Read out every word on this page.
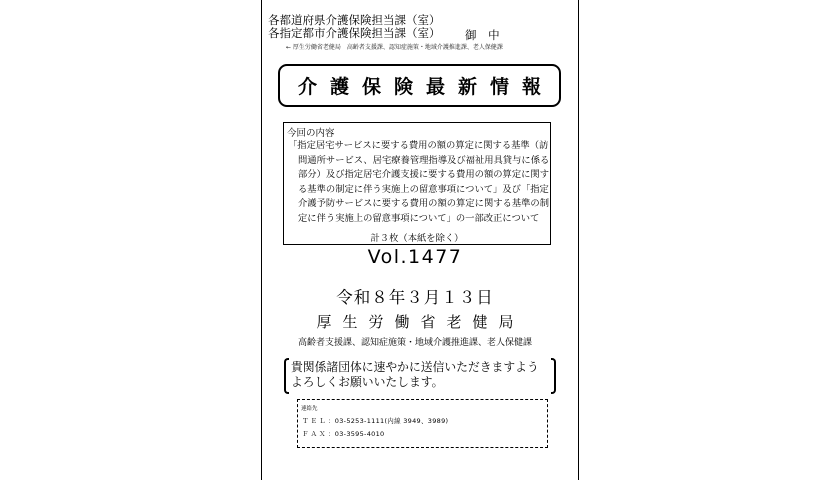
各都道府県介護保険担当課（室）
各指定都市介護保険担当課（室） 御 中
← 厚生労働省老健局　高齢者支援課、認知症施策・地域介護推進課、老人保健課
介護保険最新情報
今回の内容
「指定居宅サービスに要する費用の額の算定に関する基準（訪
問通所サービス、居宅療養管理指導及び福祉用具貸与に係る
部分）及び指定居宅介護支援に要する費用の額の算定に関す
る基準の制定に伴う実施上の留意事項について」及び「指定
介護予防サービスに要する費用の額の算定に関する基準の制
定に伴う実施上の留意事項について」の一部改正について
計３枚（本紙を除く）
Vol.1477
令和８年３月１３日
厚生労働省老健局
高齢者支援課、認知症施策・地域介護推進課、老人保健課
貴関係諸団体に速やかに送信いただきますよう
よろしくお願いいたします。
連絡先
ＴＥＬ：03-5253-1111(内線 3949、3989)
ＦＡＸ：03-3595-4010
